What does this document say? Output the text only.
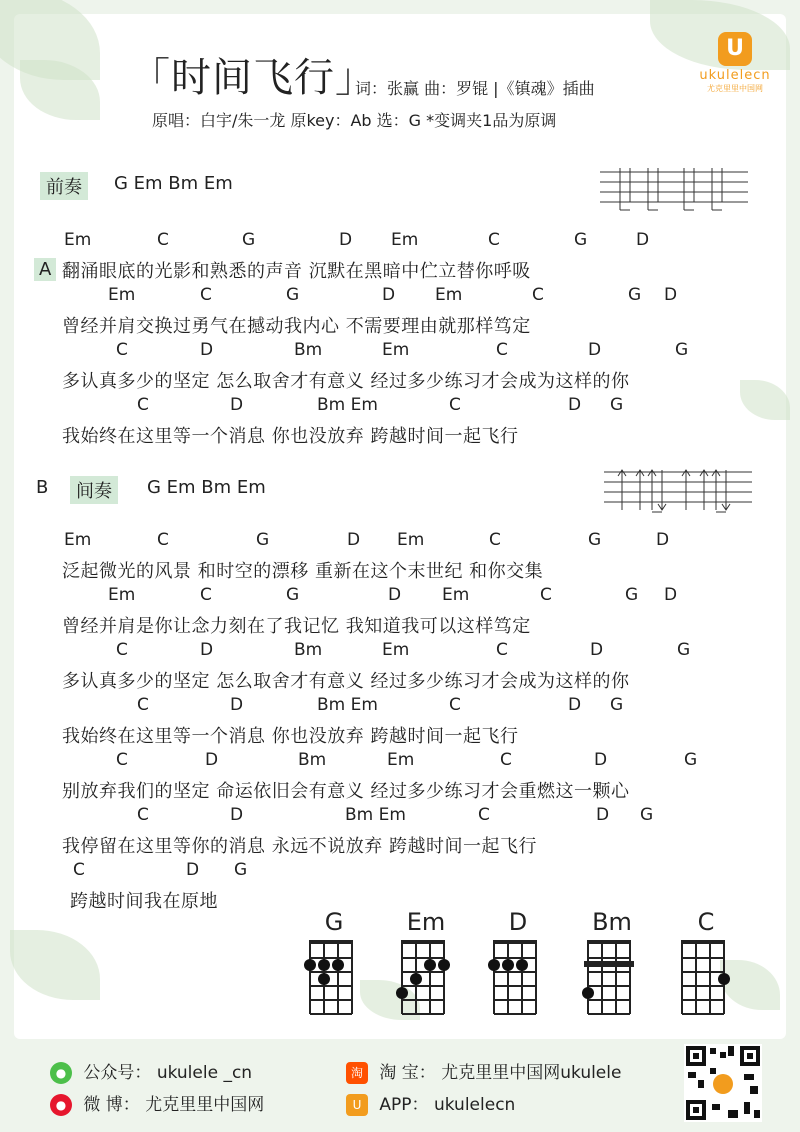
「时间飞行」
词：张赢 曲：罗锟 |《镇魂》插曲
原唱：白宇/朱一龙 原key：Ab 选：G *变调夹1品为原调
U
ukulelecn
尤克里里中国网
前奏	G Em Bm Em
A
B	间奏	G Em Bm Em
Em	C	G	D Em	C	G	D
翻涌眼底的光影和熟悉的声音 沉默在黑暗中伫立替你呼吸
Em	C	G	D Em	C	G D
曾经并肩交换过勇气在撼动我内心 不需要理由就那样笃定
C	D	Bm	Em	C	D	G
多认真多少的坚定 怎么取舍才有意义 经过多少练习才会成为这样的你
C	D	Bm Em	C	D G
我始终在这里等一个消息 你也没放弃 跨越时间一起飞行
Em	C	G	D Em	C	G	D
泛起微光的风景 和时空的漂移 重新在这个末世纪 和你交集
Em	C	G	D Em	C	G D
曾经并肩是你让念力刻在了我记忆 我知道我可以这样笃定
C	D	Bm	Em	C	D	G
多认真多少的坚定 怎么取舍才有意义 经过多少练习才会成为这样的你
C	D	Bm Em	C	D G
我始终在这里等一个消息 你也没放弃 跨越时间一起飞行
C	D	Bm	Em	C	D	G
别放弃我们的坚定 命运依旧会有意义 经过多少练习才会重燃这一颗心
C	D	Bm Em	C	D G
我停留在这里等你的消息 永远不说放弃 跨越时间一起飞行
C	D G
跨越时间我在原地
G	Em	D	Bm	C
● 公众号： ukulele _cn
● 微 博： 尤克里里中国网
淘 淘 宝： 尤克里里中国网ukulele
U APP： ukulelecn
